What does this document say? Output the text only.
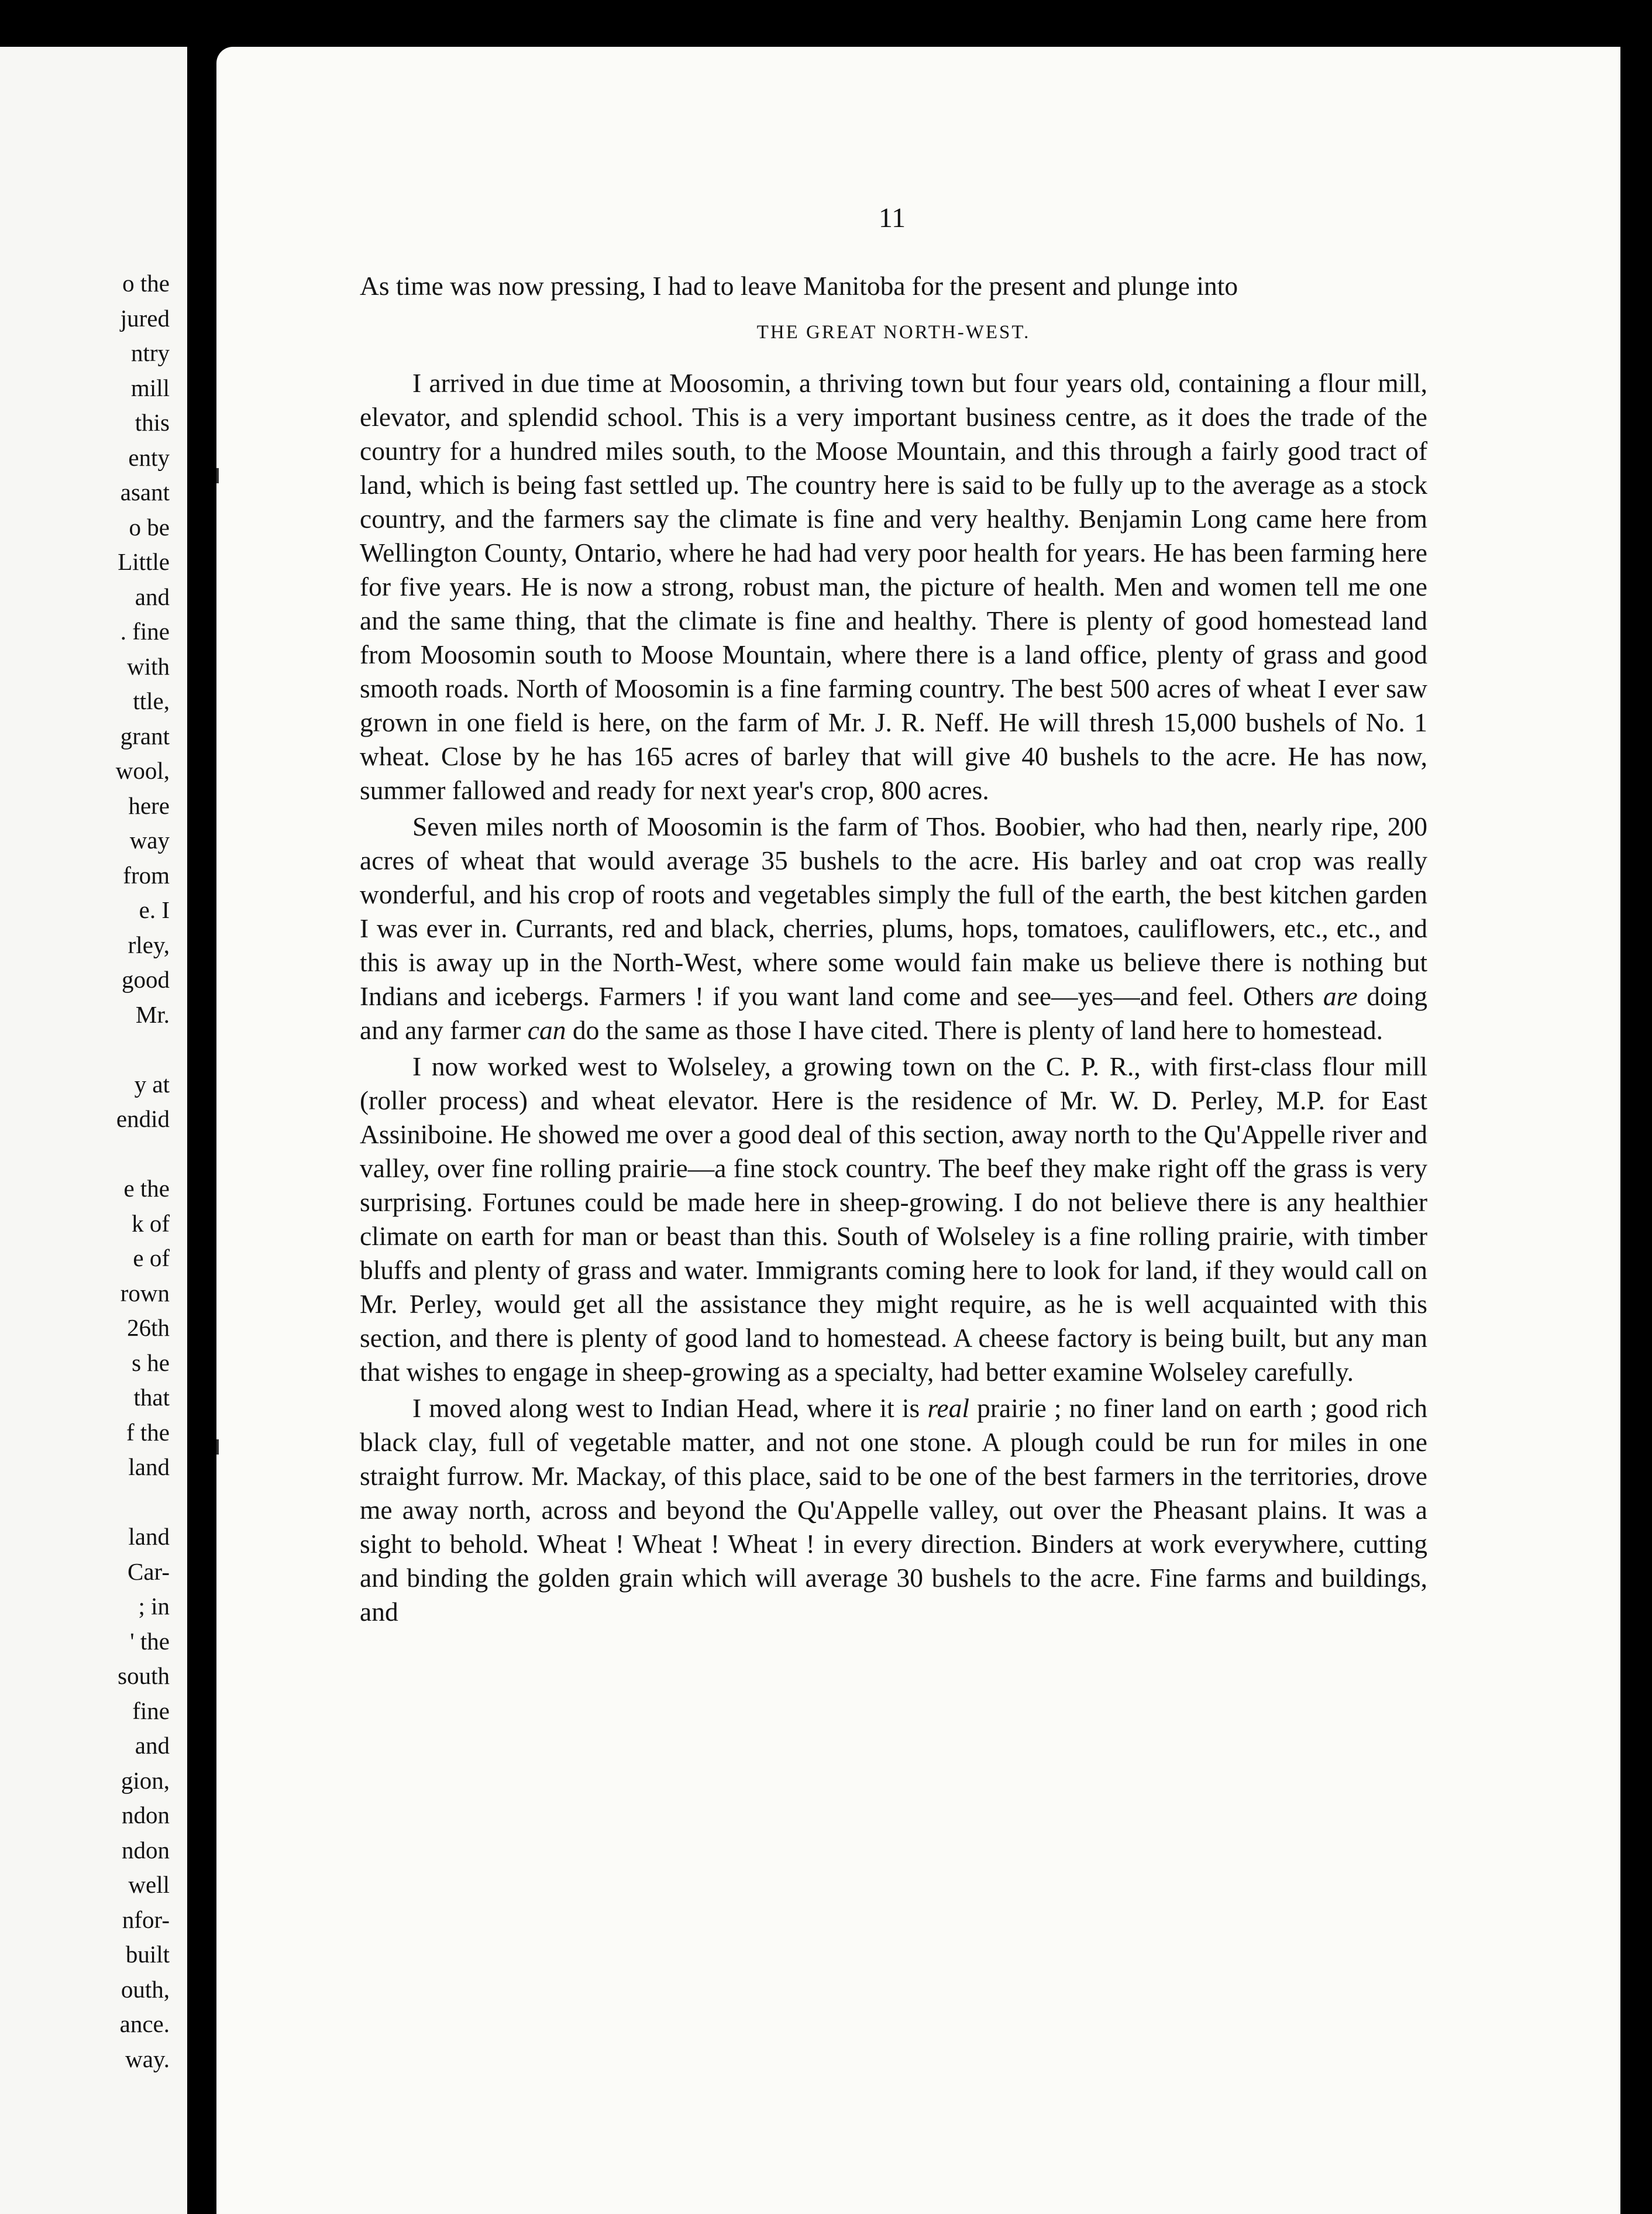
o the
jured
ntry
mill
this
enty
asant
o be
Little
and
. fine
with
ttle,
grant
wool,
here
way
from
e. I
rley,
good
Mr.
y at
endid
e the
k of
e of
rown
26th
s he
that
f the
land
land
Car-
; in
' the
south
fine
and
gion,
ndon
ndon
well
nfor-
built
outh,
ance.
way.
11

As time was now pressing, I had to leave Manitoba for the present and plunge into

THE GREAT NORTH-WEST.

I arrived in due time at Moosomin, a thriving town but four years old, containing a flour mill, elevator, and splendid school. This is a very important business centre, as it does the trade of the country for a hundred miles south, to the Moose Mountain, and this through a fairly good tract of land, which is being fast settled up. The country here is said to be fully up to the average as a stock country, and the farmers say the climate is fine and very healthy. Benjamin Long came here from Wellington County, Ontario, where he had had very poor health for years. He has been farming here for five years. He is now a strong, robust man, the picture of health. Men and women tell me one and the same thing, that the climate is fine and healthy. There is plenty of good homestead land from Moosomin south to Moose Mountain, where there is a land office, plenty of grass and good smooth roads. North of Moosomin is a fine farming country. The best 500 acres of wheat I ever saw grown in one field is here, on the farm of Mr. J. R. Neff. He will thresh 15,000 bushels of No. 1 wheat. Close by he has 165 acres of barley that will give 40 bushels to the acre. He has now, summer fallowed and ready for next year's crop, 800 acres.

Seven miles north of Moosomin is the farm of Thos. Boobier, who had then, nearly ripe, 200 acres of wheat that would average 35 bushels to the acre. His barley and oat crop was really wonderful, and his crop of roots and vegetables simply the full of the earth, the best kitchen garden I was ever in. Currants, red and black, cherries, plums, hops, tomatoes, cauliflowers, etc., etc., and this is away up in the North-West, where some would fain make us believe there is nothing but Indians and icebergs. Farmers ! if you want land come and see—yes—and feel. Others are doing and any farmer can do the same as those I have cited. There is plenty of land here to homestead.

I now worked west to Wolseley, a growing town on the C. P. R., with first-class flour mill (roller process) and wheat elevator. Here is the residence of Mr. W. D. Perley, M.P. for East Assiniboine. He showed me over a good deal of this section, away north to the Qu'Appelle river and valley, over fine rolling prairie—a fine stock country. The beef they make right off the grass is very surprising. Fortunes could be made here in sheep-growing. I do not believe there is any healthier climate on earth for man or beast than this. South of Wolseley is a fine rolling prairie, with timber bluffs and plenty of grass and water. Immigrants coming here to look for land, if they would call on Mr. Perley, would get all the assistance they might require, as he is well acquainted with this section, and there is plenty of good land to homestead. A cheese factory is being built, but any man that wishes to engage in sheep-growing as a specialty, had better examine Wolseley carefully.

I moved along west to Indian Head, where it is real prairie ; no finer land on earth ; good rich black clay, full of vegetable matter, and not one stone. A plough could be run for miles in one straight furrow. Mr. Mackay, of this place, said to be one of the best farmers in the territories, drove me away north, across and beyond the Qu'Appelle valley, out over the Pheasant plains. It was a sight to behold. Wheat ! Wheat ! Wheat ! in every direction. Binders at work everywhere, cutting and binding the golden grain which will average 30 bushels to the acre. Fine farms and buildings, and
